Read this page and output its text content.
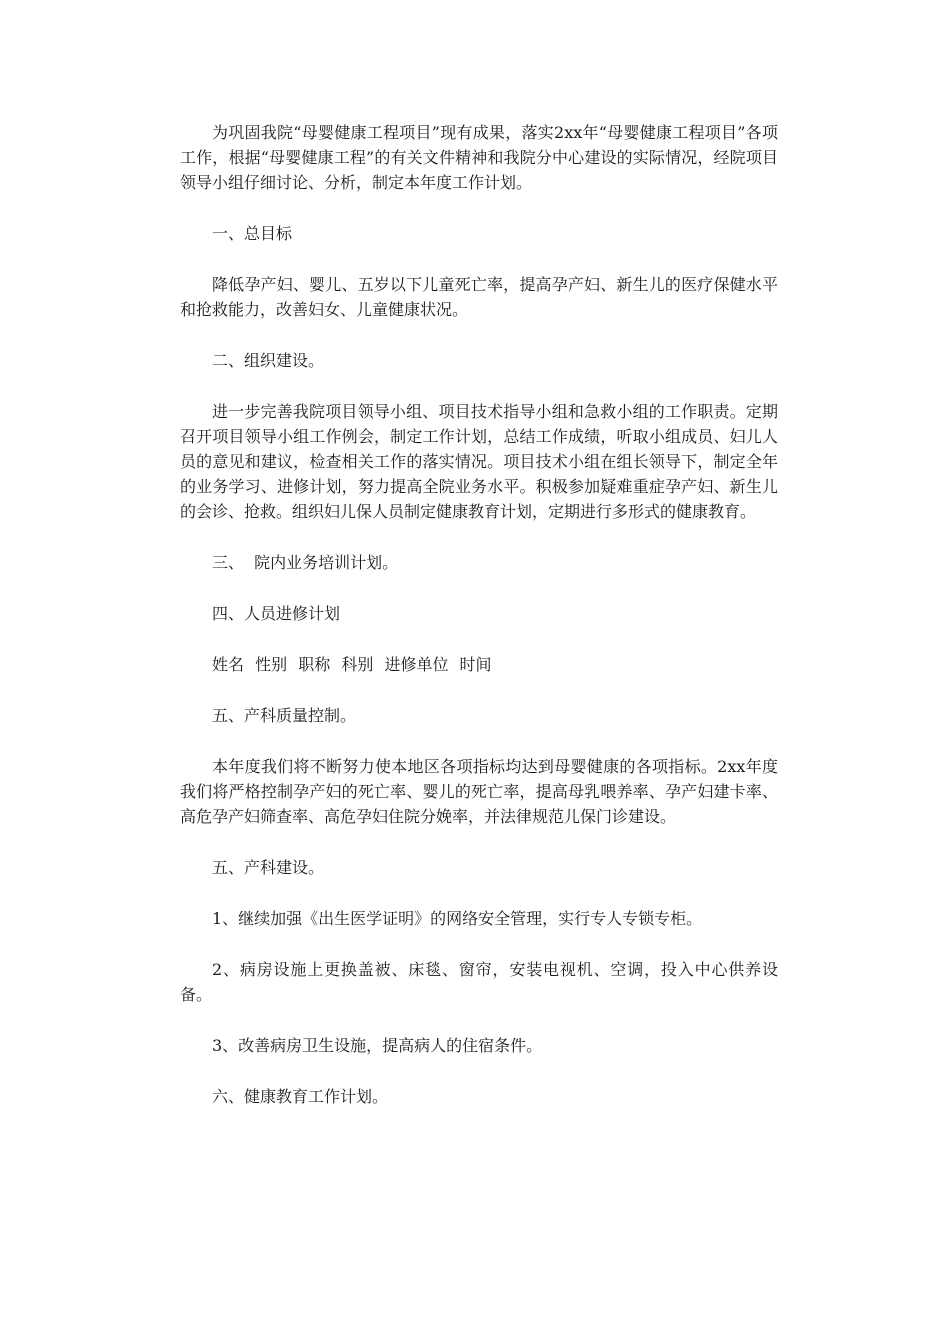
为巩固我院“母婴健康工程项目”现有成果，落实2xx年“母婴健康工程项目”各项工作，根据“母婴健康工程”的有关文件精神和我院分中心建设的实际情况，经院项目领导小组仔细讨论、分析，制定本年度工作计划。

一、总目标

降低孕产妇、婴儿、五岁以下儿童死亡率，提高孕产妇、新生儿的医疗保健水平和抢救能力，改善妇女、儿童健康状况。

二、组织建设。

进一步完善我院项目领导小组、项目技术指导小组和急救小组的工作职责。定期召开项目领导小组工作例会，制定工作计划，总结工作成绩，听取小组成员、妇儿人员的意见和建议，检查相关工作的落实情况。项目技术小组在组长领导下，制定全年的业务学习、进修计划，努力提高全院业务水平。积极参加疑难重症孕产妇、新生儿的会诊、抢救。组织妇儿保人员制定健康教育计划，定期进行多形式的健康教育。

三、  院内业务培训计划。

四、人员进修计划

姓名 性别 职称 科别 进修单位 时间

五、产科质量控制。

本年度我们将不断努力使本地区各项指标均达到母婴健康的各项指标。2xx年度我们将严格控制孕产妇的死亡率、婴儿的死亡率，提高母乳喂养率、孕产妇建卡率、高危孕产妇筛查率、高危孕妇住院分娩率，并法律规范儿保门诊建设。

五、产科建设。

1、继续加强《出生医学证明》的网络安全管理，实行专人专锁专柜。

2、病房设施上更换盖被、床毯、窗帘，安装电视机、空调，投入中心供养设备。

3、改善病房卫生设施，提高病人的住宿条件。

六、健康教育工作计划。
